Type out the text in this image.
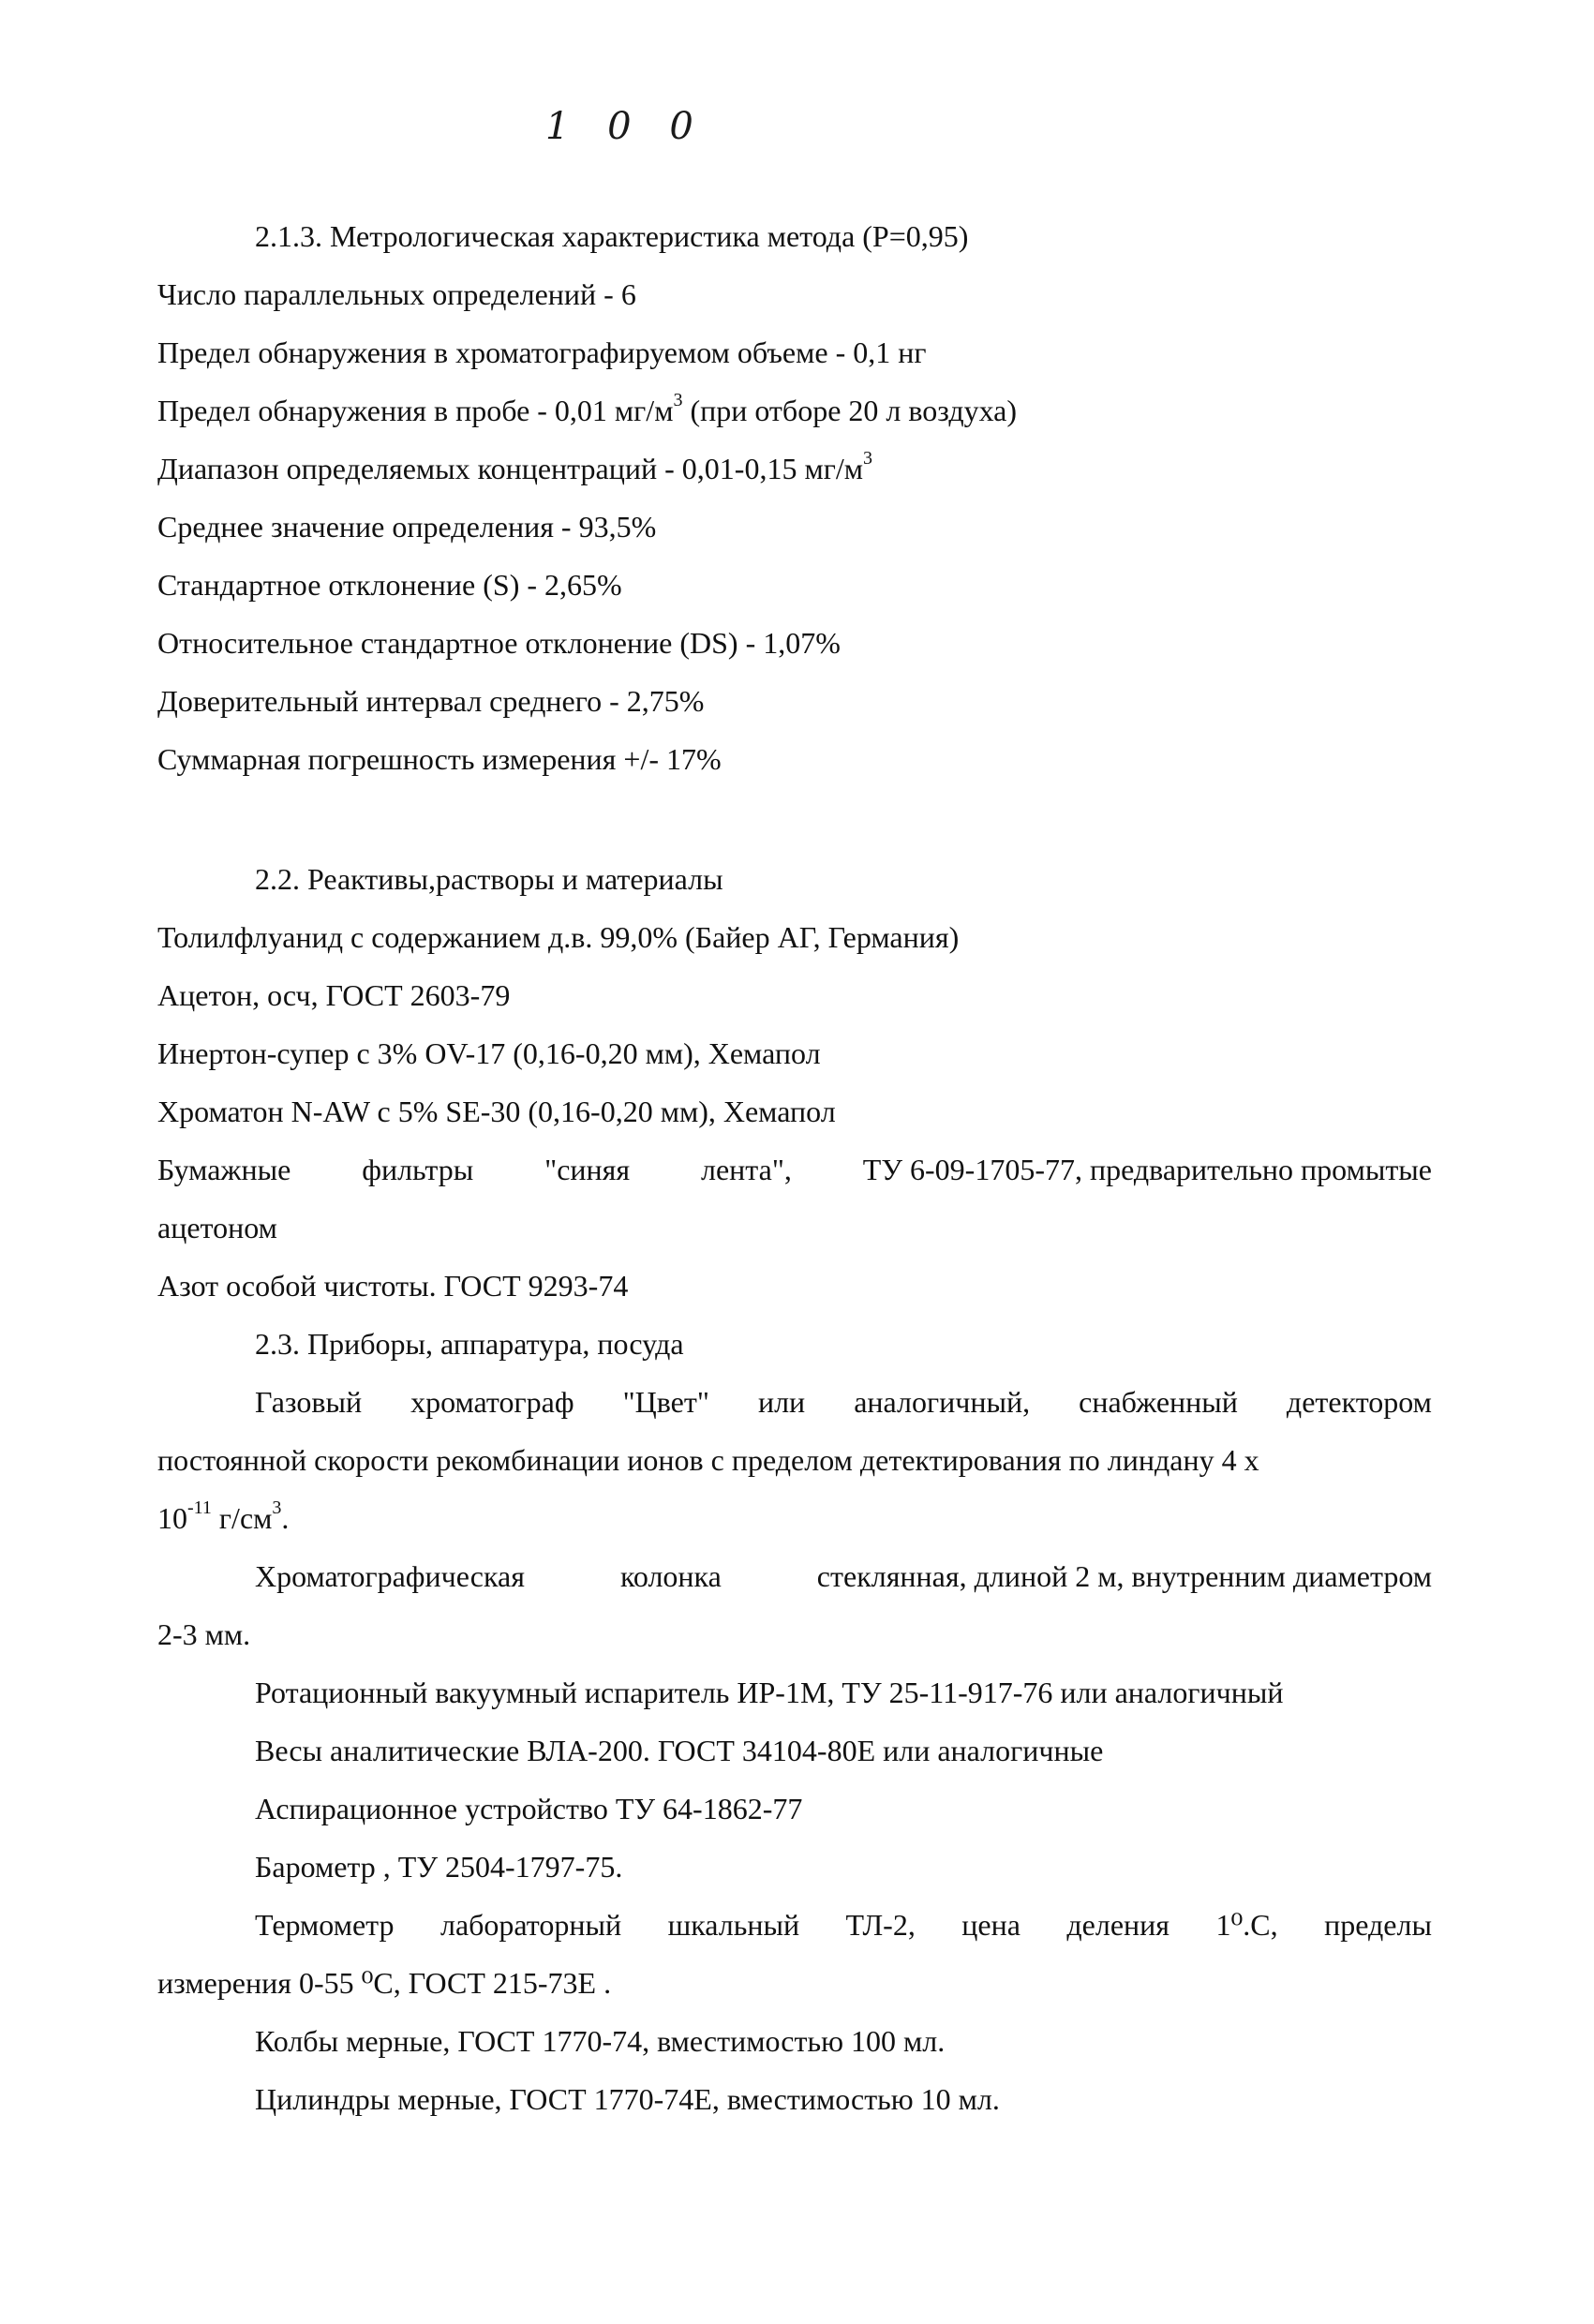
1 0 0
2.1.3. Метрологическая характеристика метода (Р=0,95)
Число параллельных определений - 6
Предел обнаружения в хроматографируемом объеме - 0,1 нг
Предел обнаружения в пробе - 0,01 $мг/м^3$ (при отборе 20 л воздуха)
Диапазон определяемых концентраций - 0,01-0,15 $мг/м^3$
Среднее значение определения - 93,5%
Стандартное отклонение (S) - 2,65%
Относительное стандартное отклонение (DS) - 1,07%
Доверительный интервал среднего - 2,75%
Суммарная погрешность измерения +/- 17%
2.2. Реактивы,растворы и материалы
Толилфлуанид с содержанием д.в. 99,0% (Байер АГ, Германия)
Ацетон, осч, ГОСТ 2603-79
Инертон-супер с 3% OV-17 (0,16-0,20 мм), Хемапол
Хроматон N-AW с 5% SE-30 (0,16-0,20 мм), Хемапол
Бумажные фильтры "синяя лента", ТУ 6-09-1705-77, предварительно промытые
ацетоном
Азот особой чистоты. ГОСТ 9293-74
2.3. Приборы, аппаратура, посуда
Газовый хроматограф "Цвет" или аналогичный, снабженный детектором
постоянной скорости рекомбинации ионов с пределом детектирования по линдану 4 х
$10^{-11}$ $г/см^3$.
Хроматографическая	колонка	стеклянная, длиной 2 м, внутренним диаметром
2-3 мм.
Ротационный вакуумный испаритель ИР-1М, ТУ 25-11-917-76 или аналогичный
Весы аналитические ВЛА-200. ГОСТ 34104-80Е или аналогичные
Аспирационное устройство ТУ 64-1862-77
Барометр , ТУ 2504-1797-75.
Термометр лабораторный шкальный ТЛ-2, цена деления 1⁰.С, пределы
измерения 0-55 ⁰С, ГОСТ 215-73Е .
Колбы мерные, ГОСТ 1770-74, вместимостью 100 мл.
Цилиндры мерные, ГОСТ 1770-74Е, вместимостью 10 мл.
